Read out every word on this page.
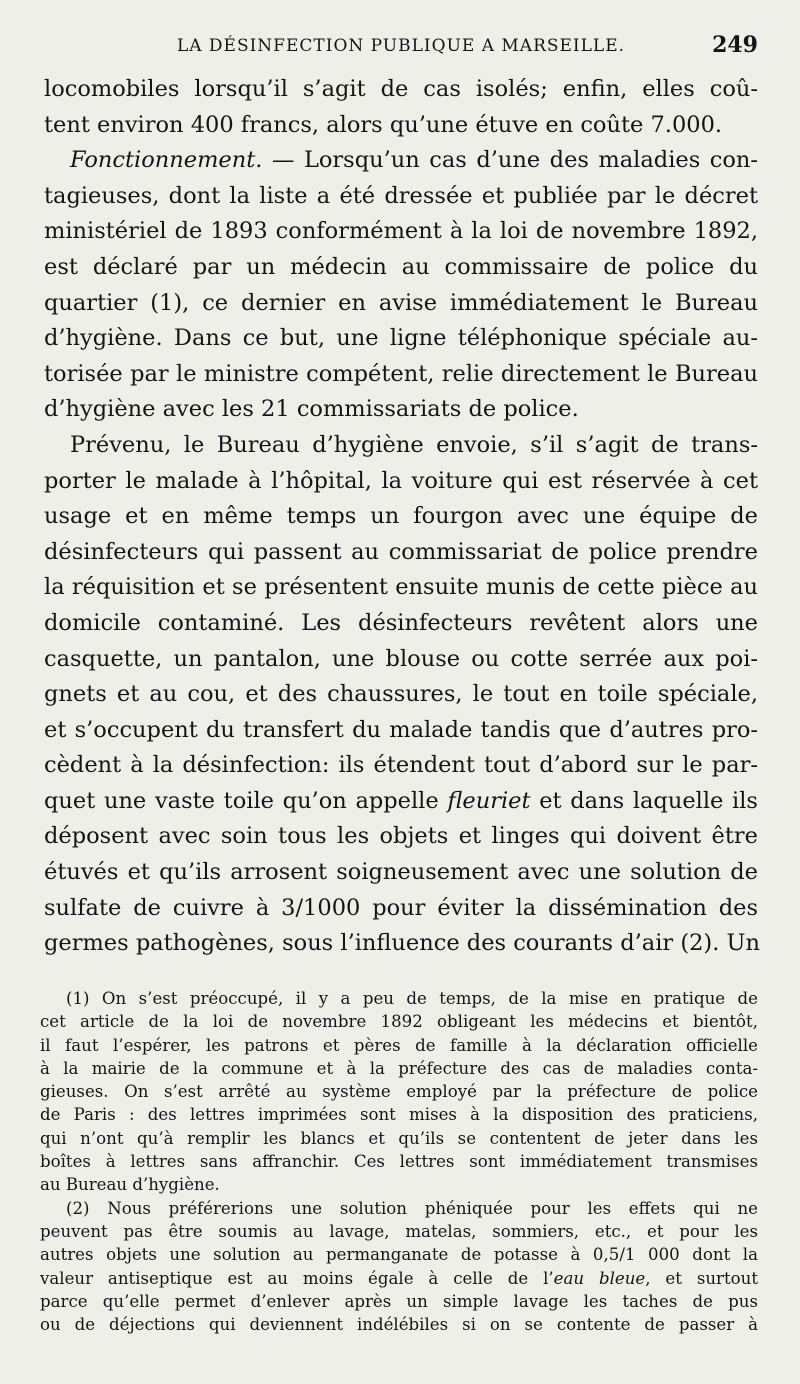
LA DÉSINFECTION PUBLIQUE A MARSEILLE.	249
locomobiles lorsqu’il s’agit de cas isolés; enfin, elles coû-
tent environ 400 francs, alors qu’une étuve en coûte 7.000.
Fonctionnement. — Lorsqu’un cas d’une des maladies con-
tagieuses, dont la liste a été dressée et publiée par le décret
ministériel de 1893 conformément à la loi de novembre 1892,
est déclaré par un médecin au commissaire de police du
quartier (1), ce dernier en avise immédiatement le Bureau
d’hygiène. Dans ce but, une ligne téléphonique spéciale au-
torisée par le ministre compétent, relie directement le Bureau
d’hygiène avec les 21 commissariats de police.
Prévenu, le Bureau d’hygiène envoie, s’il s’agit de trans-
porter le malade à l’hôpital, la voiture qui est réservée à cet
usage et en même temps un fourgon avec une équipe de
désinfecteurs qui passent au commissariat de police prendre
la réquisition et se présentent ensuite munis de cette pièce au
domicile contaminé. Les désinfecteurs revêtent alors une
casquette, un pantalon, une blouse ou cotte serrée aux poi-
gnets et au cou, et des chaussures, le tout en toile spéciale,
et s’occupent du transfert du malade tandis que d’autres pro-
cèdent à la désinfection: ils étendent tout d’abord sur le par-
quet une vaste toile qu’on appelle fleuriet et dans laquelle ils
déposent avec soin tous les objets et linges qui doivent être
étuvés et qu’ils arrosent soigneusement avec une solution de
sulfate de cuivre à 3/1000 pour éviter la dissémination des
germes pathogènes, sous l’influence des courants d’air (2). Un
(1) On s’est préoccupé, il y a peu de temps, de la mise en pratique de
cet article de la loi de novembre 1892 obligeant les médecins et bientôt,
il faut l’espérer, les patrons et pères de famille à la déclaration officielle
à la mairie de la commune et à la préfecture des cas de maladies conta-
gieuses. On s’est arrêté au système employé par la préfecture de police
de Paris : des lettres imprimées sont mises à la disposition des praticiens,
qui n’ont qu’à remplir les blancs et qu’ils se contentent de jeter dans les
boîtes à lettres sans affranchir. Ces lettres sont immédiatement transmises
au Bureau d’hygiène.
(2) Nous préférerions une solution phéniquée pour les effets qui ne
peuvent pas être soumis au lavage, matelas, sommiers, etc., et pour les
autres objets une solution au permanganate de potasse à 0,5/1 000 dont la
valeur antiseptique est au moins égale à celle de l’eau bleue, et surtout
parce qu’elle permet d’enlever après un simple lavage les taches de pus
ou de déjections qui deviennent indélébiles si on se contente de passer à
